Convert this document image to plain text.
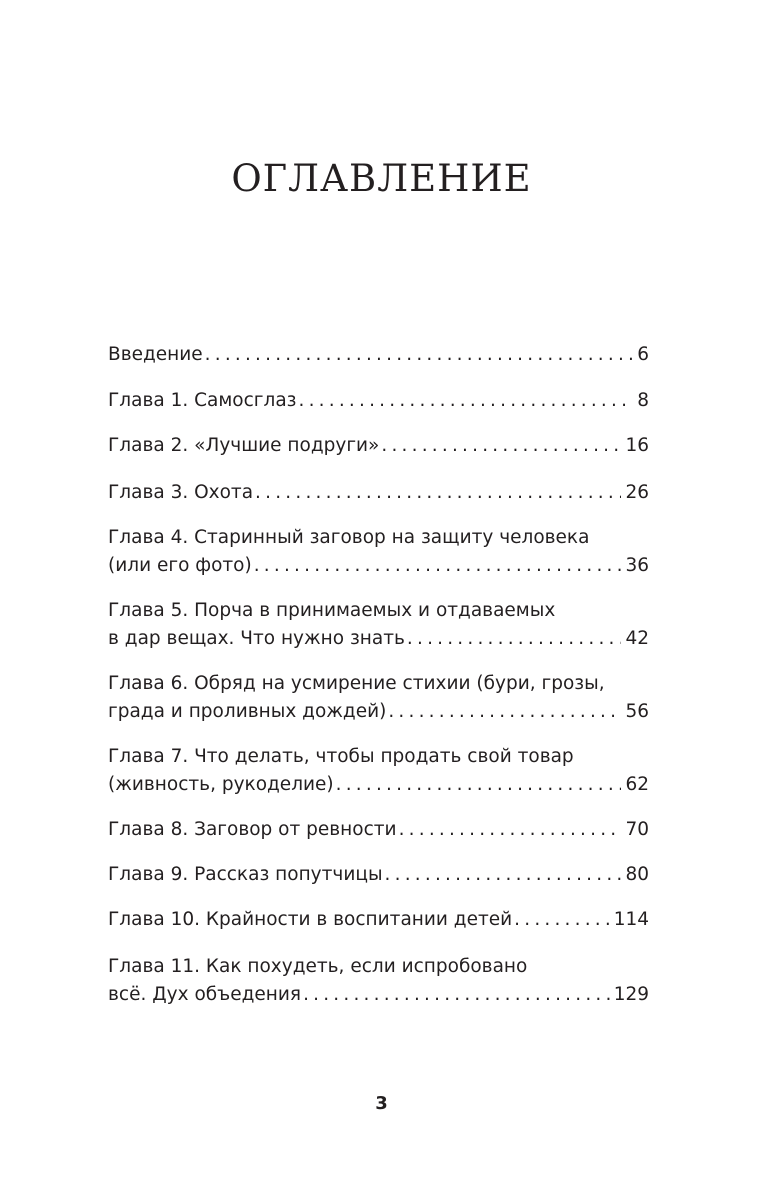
ОГЛАВЛЕНИЕ
Введение .....	6
Глава 1. Самосглаз .....	8
Глава 2. «Лучшие подруги» .....	16
Глава 3. Охота .....	26
Глава 4. Старинный заговор на защиту человека
(или его фото) .....	36
Глава 5. Порча в принимаемых и отдаваемых
в дар вещах. Что нужно знать .....	42
Глава 6. Обряд на усмирение стихии (бури, грозы,
града и проливных дождей) .....	56
Глава 7. Что делать, чтобы продать свой товар
(живность, рукоделие) .....	62
Глава 8. Заговор от ревности .....	70
Глава 9. Рассказ попутчицы .....	80
Глава 10. Крайности в воспитании детей .....	114
Глава 11. Как похудеть, если испробовано
всё. Дух объедения .....	129
3
